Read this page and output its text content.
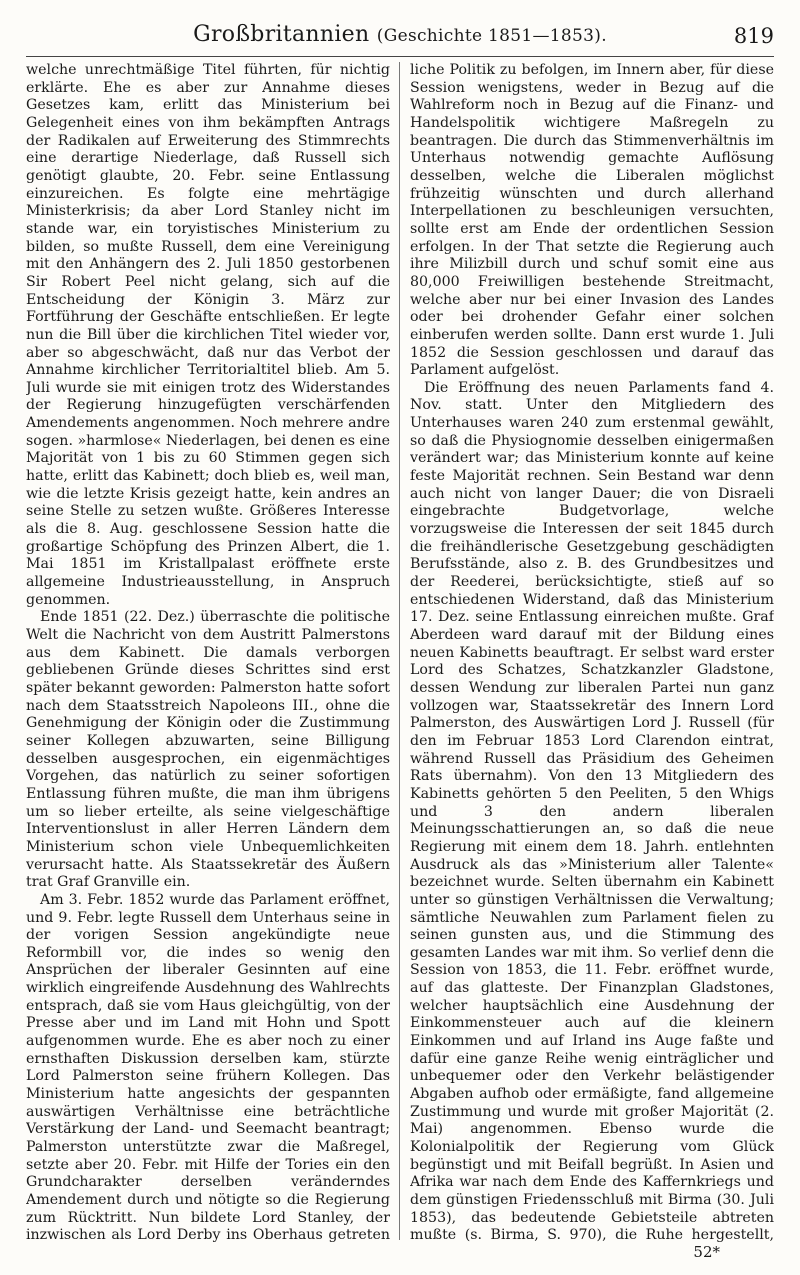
Großbritannien (Geschichte 1851—1853).	819

welche unrechtmäßige Titel führten, für nichtig erklärte. Ehe es aber zur Annahme dieses Gesetzes kam, erlitt das Ministerium bei Gelegenheit eines von ihm bekämpften Antrags der Radikalen auf Erweiterung des Stimmrechts eine derartige Niederlage, daß Russell sich genötigt glaubte, 20. Febr. seine Entlassung einzureichen. Es folgte eine mehrtägige Ministerkrisis; da aber Lord Stanley nicht im stande war, ein toryistisches Ministerium zu bilden, so mußte Russell, dem eine Vereinigung mit den Anhängern des 2. Juli 1850 gestorbenen Sir Robert Peel nicht gelang, sich auf die Entscheidung der Königin 3. März zur Fortführung der Geschäfte entschließen. Er legte nun die Bill über die kirchlichen Titel wieder vor, aber so abgeschwächt, daß nur das Verbot der Annahme kirchlicher Territorialtitel blieb. Am 5. Juli wurde sie mit einigen trotz des Widerstandes der Regierung hinzugefügten verschärfenden Amendements angenommen. Noch mehrere andre sogen. »harmlose« Niederlagen, bei denen es eine Majorität von 1 bis zu 60 Stimmen gegen sich hatte, erlitt das Kabinett; doch blieb es, weil man, wie die letzte Krisis gezeigt hatte, kein andres an seine Stelle zu setzen wußte. Größeres Interesse als die 8. Aug. geschlossene Session hatte die großartige Schöpfung des Prinzen Albert, die 1. Mai 1851 im Kristallpalast eröffnete erste allgemeine Industrieausstellung, in Anspruch genommen.

Ende 1851 (22. Dez.) überraschte die politische Welt die Nachricht von dem Austritt Palmerstons aus dem Kabinett. Die damals verborgen gebliebenen Gründe dieses Schrittes sind erst später bekannt geworden: Palmerston hatte sofort nach dem Staatsstreich Napoleons III., ohne die Genehmigung der Königin oder die Zustimmung seiner Kollegen abzuwarten, seine Billigung desselben ausgesprochen, ein eigenmächtiges Vorgehen, das natürlich zu seiner sofortigen Entlassung führen mußte, die man ihm übrigens um so lieber erteilte, als seine vielgeschäftige Interventionslust in aller Herren Ländern dem Ministerium schon viele Unbequemlichkeiten verursacht hatte. Als Staatssekretär des Äußern trat Graf Granville ein.

Am 3. Febr. 1852 wurde das Parlament eröffnet, und 9. Febr. legte Russell dem Unterhaus seine in der vorigen Session angekündigte neue Reformbill vor, die indes so wenig den Ansprüchen der liberaler Gesinnten auf eine wirklich eingreifende Ausdehnung des Wahlrechts entsprach, daß sie vom Haus gleichgültig, von der Presse aber und im Land mit Hohn und Spott aufgenommen wurde. Ehe es aber noch zu einer ernsthaften Diskussion derselben kam, stürzte Lord Palmerston seine frühern Kollegen. Das Ministerium hatte angesichts der gespannten auswärtigen Verhältnisse eine beträchtliche Verstärkung der Land- und Seemacht beantragt; Palmerston unterstützte zwar die Maßregel, setzte aber 20. Febr. mit Hilfe der Tories ein den Grundcharakter derselben veränderndes Amendement durch und nötigte so die Regierung zum Rücktritt. Nun bildete Lord Stanley, der inzwischen als Lord Derby ins Oberhaus getreten

liche Politik zu befolgen, im Innern aber, für diese Session wenigstens, weder in Bezug auf die Wahlreform noch in Bezug auf die Finanz- und Handelspolitik wichtigere Maßregeln zu beantragen. Die durch das Stimmenverhältnis im Unterhaus notwendig gemachte Auflösung desselben, welche die Liberalen möglichst frühzeitig wünschten und durch allerhand Interpellationen zu beschleunigen versuchten, sollte erst am Ende der ordentlichen Session erfolgen. In der That setzte die Regierung auch ihre Milizbill durch und schuf somit eine aus 80,000 Freiwilligen bestehende Streitmacht, welche aber nur bei einer Invasion des Landes oder bei drohender Gefahr einer solchen einberufen werden sollte. Dann erst wurde 1. Juli 1852 die Session geschlossen und darauf das Parlament aufgelöst.

Die Eröffnung des neuen Parlaments fand 4. Nov. statt. Unter den Mitgliedern des Unterhauses waren 240 zum erstenmal gewählt, so daß die Physiognomie desselben einigermaßen verändert war; das Ministerium konnte auf keine feste Majorität rechnen. Sein Bestand war denn auch nicht von langer Dauer; die von Disraeli eingebrachte Budgetvorlage, welche vorzugsweise die Interessen der seit 1845 durch die freihändlerische Gesetzgebung geschädigten Berufsstände, also z. B. des Grundbesitzes und der Reederei, berücksichtigte, stieß auf so entschiedenen Widerstand, daß das Ministerium 17. Dez. seine Entlassung einreichen mußte. Graf Aberdeen ward darauf mit der Bildung eines neuen Kabinetts beauftragt. Er selbst ward erster Lord des Schatzes, Schatzkanzler Gladstone, dessen Wendung zur liberalen Partei nun ganz vollzogen war, Staatssekretär des Innern Lord Palmerston, des Auswärtigen Lord J. Russell (für den im Februar 1853 Lord Clarendon eintrat, während Russell das Präsidium des Geheimen Rats übernahm). Von den 13 Mitgliedern des Kabinetts gehörten 5 den Peeliten, 5 den Whigs und 3 den andern liberalen Meinungsschattierungen an, so daß die neue Regierung mit einem dem 18. Jahrh. entlehnten Ausdruck als das »Ministerium aller Talente« bezeichnet wurde. Selten übernahm ein Kabinett unter so günstigen Verhältnissen die Verwaltung; sämtliche Neuwahlen zum Parlament fielen zu seinen gunsten aus, und die Stimmung des gesamten Landes war mit ihm. So verlief denn die Session von 1853, die 11. Febr. eröffnet wurde, auf das glatteste. Der Finanzplan Gladstones, welcher hauptsächlich eine Ausdehnung der Einkommensteuer auch auf die kleinern Einkommen und auf Irland ins Auge faßte und dafür eine ganze Reihe wenig einträglicher und unbequemer oder den Verkehr belästigender Abgaben aufhob oder ermäßigte, fand allgemeine Zustimmung und wurde mit großer Majorität (2. Mai) angenommen. Ebenso wurde die Kolonialpolitik der Regierung vom Glück begünstigt und mit Beifall begrüßt. In Asien und Afrika war nach dem Ende des Kaffernkriegs und dem günstigen Friedensschluß mit Birma (30. Juli 1853), das bedeutende Gebietsteile abtreten mußte (s. Birma, S. 970), die Ruhe hergestellt,

52*
